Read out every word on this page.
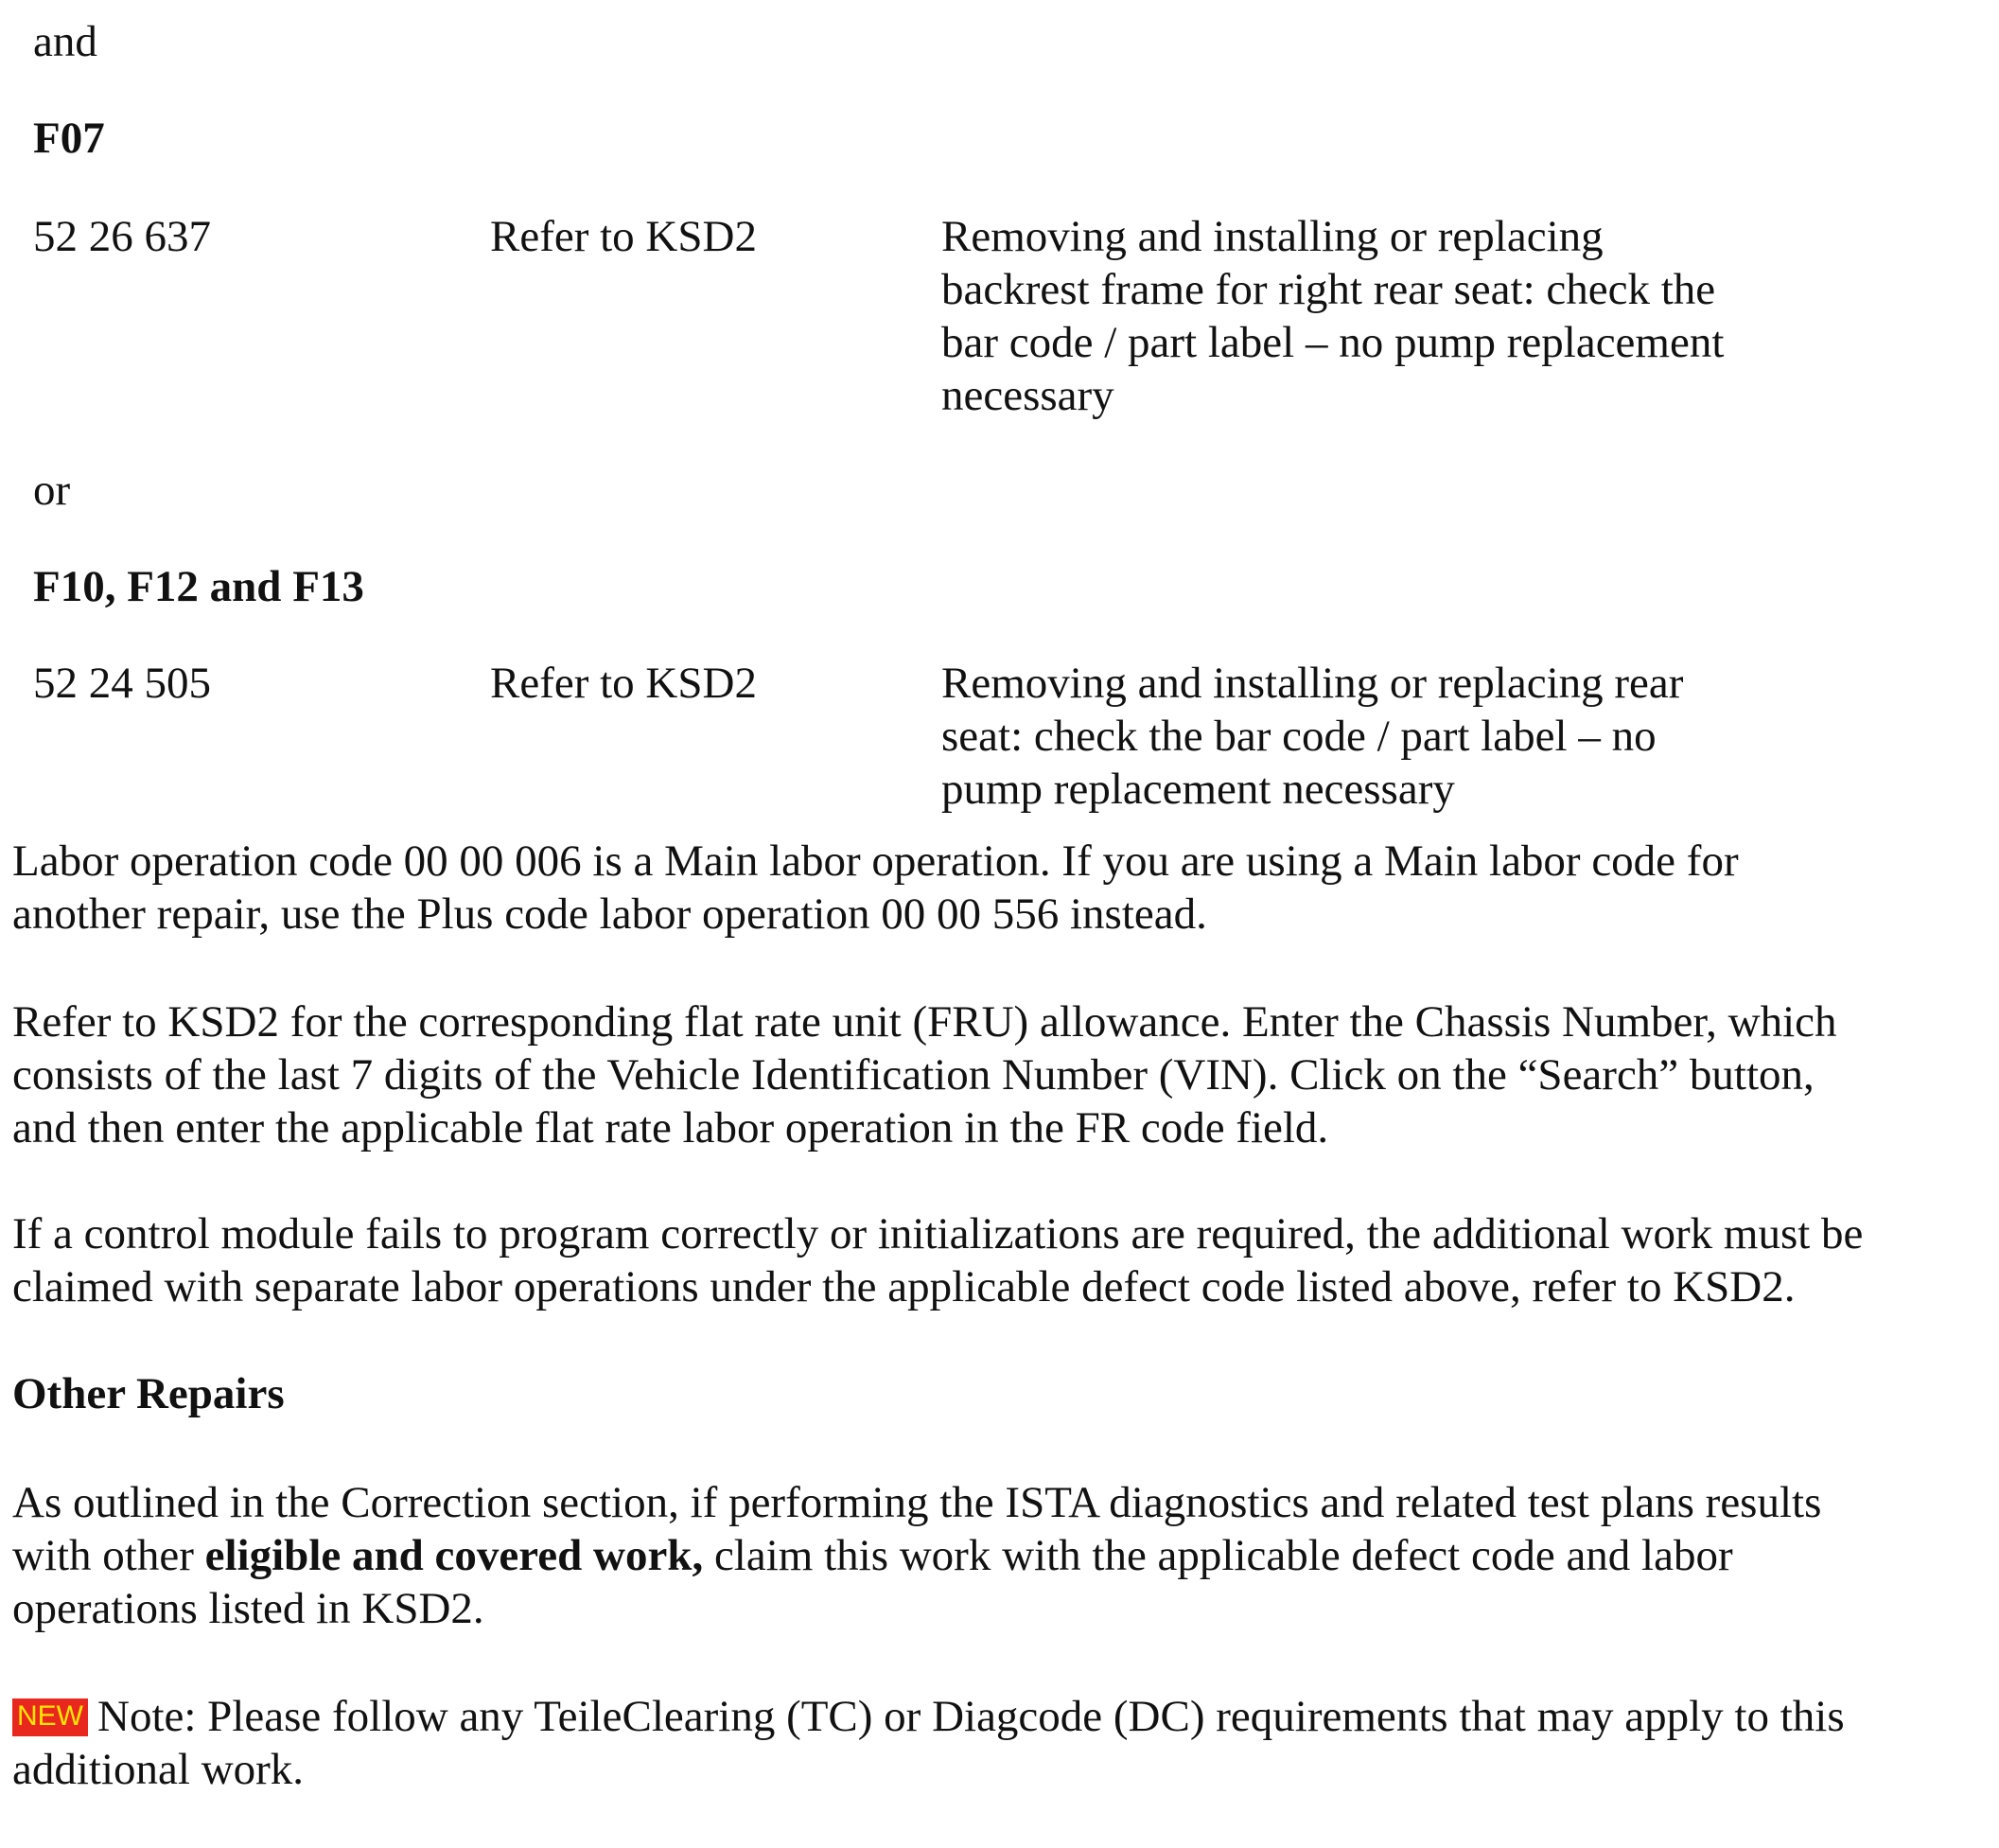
and
F07
52 26 637	Refer to KSD2	Removing and installing or replacing
backrest frame for right rear seat: check the
bar code / part label – no pump replacement
necessary
or
F10, F12 and F13
52 24 505	Refer to KSD2	Removing and installing or replacing rear
seat: check the bar code / part label – no
pump replacement necessary
Labor operation code 00 00 006 is a Main labor operation. If you are using a Main labor code for
another repair, use the Plus code labor operation 00 00 556 instead.
Refer to KSD2 for the corresponding flat rate unit (FRU) allowance. Enter the Chassis Number, which
consists of the last 7 digits of the Vehicle Identification Number (VIN). Click on the “Search” button,
and then enter the applicable flat rate labor operation in the FR code field.
If a control module fails to program correctly or initializations are required, the additional work must be
claimed with separate labor operations under the applicable defect code listed above, refer to KSD2.
Other Repairs
As outlined in the Correction section, if performing the ISTA diagnostics and related test plans results
with other eligible and covered work, claim this work with the applicable defect code and labor
operations listed in KSD2.
NEW Note: Please follow any TeileClearing (TC) or Diagcode (DC) requirements that may apply to this
additional work.
